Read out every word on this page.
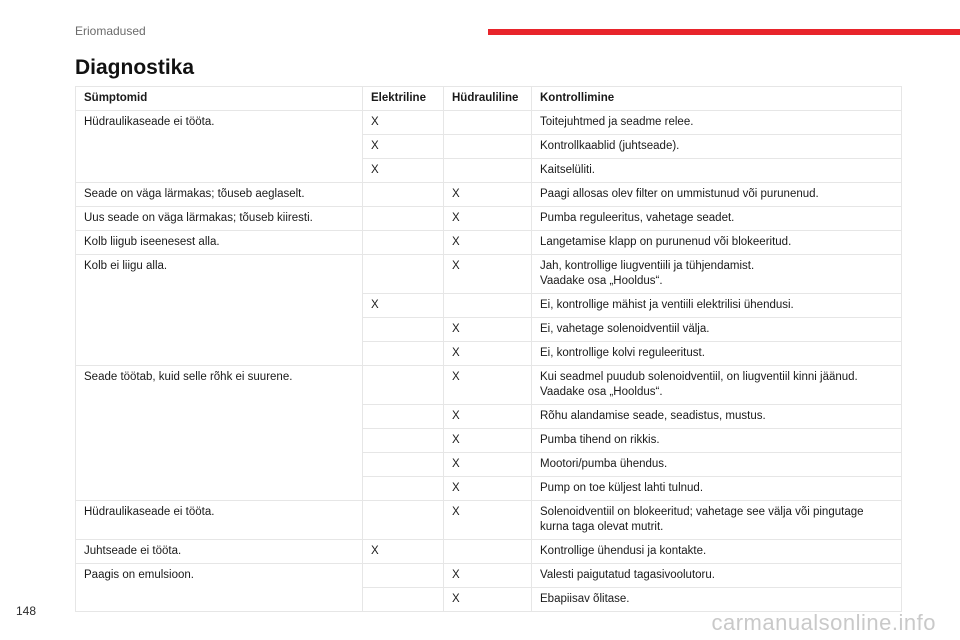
Eriomadused
Diagnostika
Sümptomid	Elektriline	Hüdrauliline	Kontrollimine
Hüdraulikaseade ei tööta.	X		Toitejuhtmed ja seadme relee.

	X		Kontrollkaablid (juhtseade).

	X		Kaitselüliti.

Seade on väga lärmakas; tõuseb aeglaselt.		X	Paagi allosas olev filter on ummistunud või purunenud.

Uus seade on väga lärmakas; tõuseb kiiresti.		X	Pumba reguleeritus, vahetage seadet.

Kolb liigub iseenesest alla.		X	Langetamise klapp on purunenud või blokeeritud.

Kolb ei liigu alla.		X	Jah, kontrollige liugventiili ja tühjendamist.
Vaadake osa „Hooldus“.

	X		Ei, kontrollige mähist ja ventiili elektrilisi ühendusi.

		X	Ei, vahetage solenoidventiil välja.

		X	Ei, kontrollige kolvi reguleeritust.

Seade töötab, kuid selle rõhk ei suurene.		X	Kui seadmel puudub solenoidventiil, on liugventiil kinni jäänud.
Vaadake osa „Hooldus“.

		X	Rõhu alandamise seade, seadistus, mustus.

		X	Pumba tihend on rikkis.

		X	Mootori/pumba ühendus.

		X	Pump on toe küljest lahti tulnud.

Hüdraulikaseade ei tööta.		X	Solenoidventiil on blokeeritud; vahetage see välja või pingutage
kurna taga olevat mutrit.

Juhtseade ei tööta.	X		Kontrollige ühendusi ja kontakte.

Paagis on emulsioon.		X	Valesti paigutatud tagasivoolutoru.

		X	Ebapiisav õlitase.
148	carmanualsonline.info
